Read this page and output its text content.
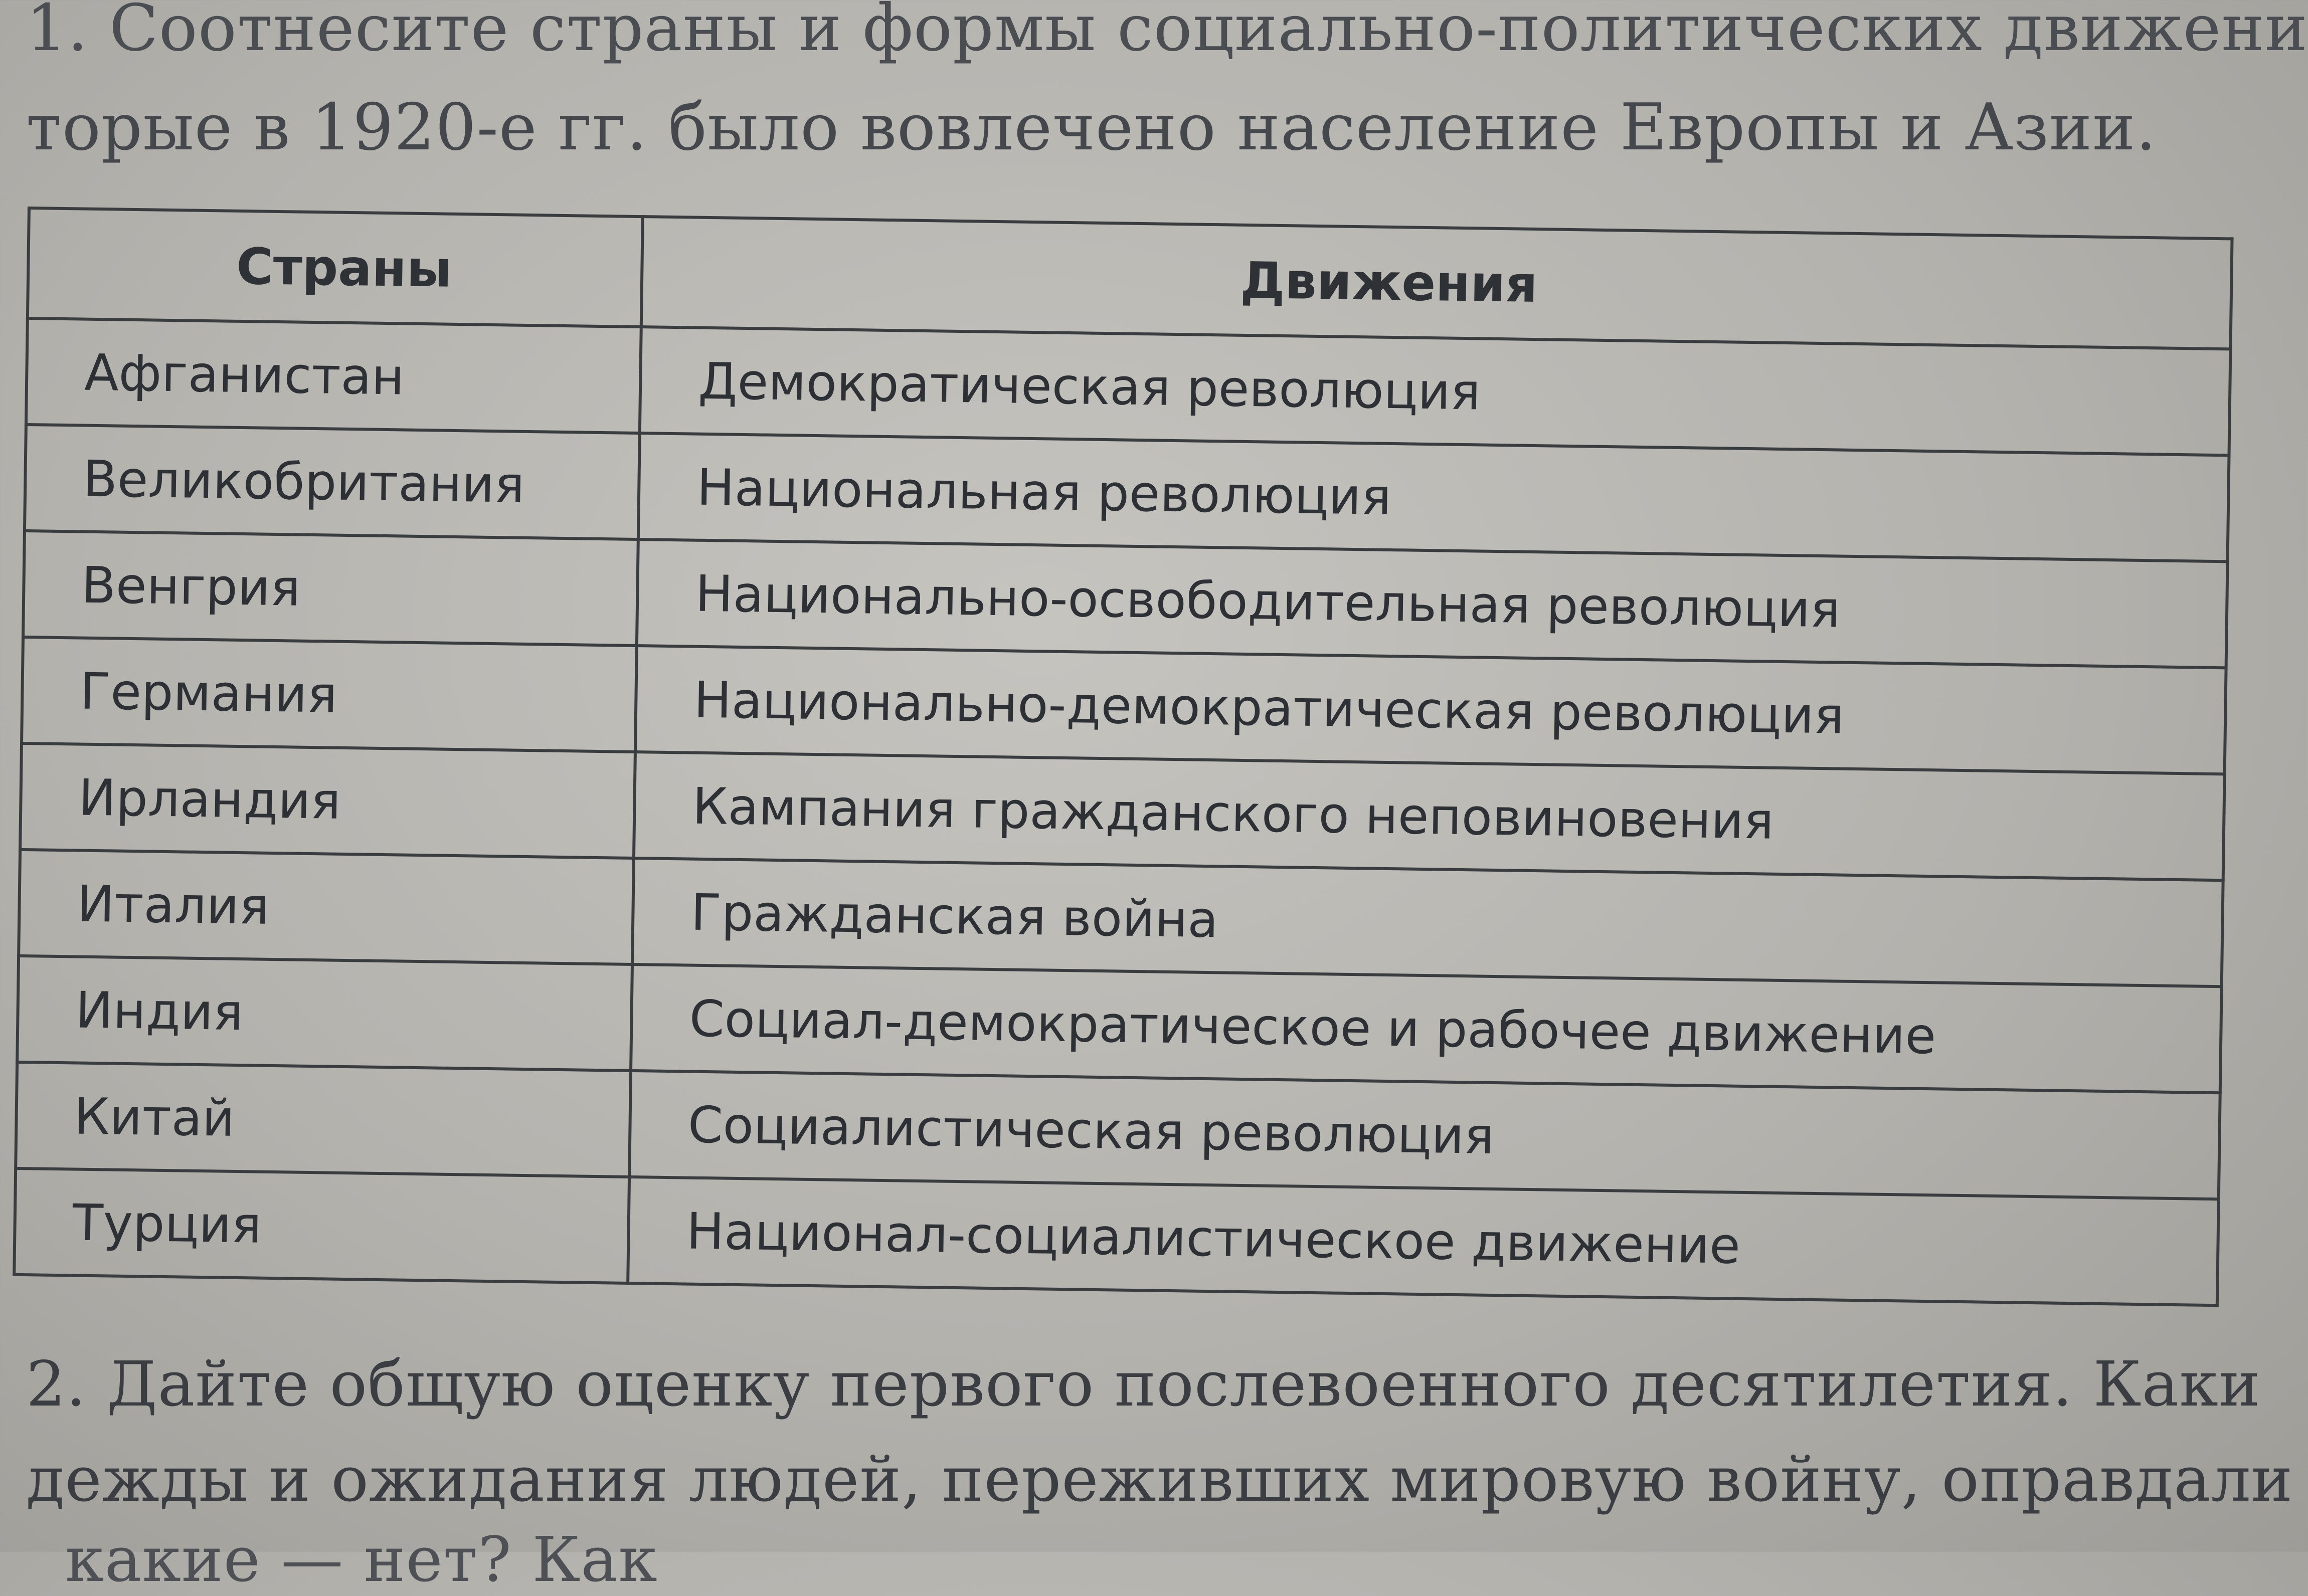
1. Соотнесите страны и формы социально-политических движени
торые в 1920-е гг. было вовлечено население Европы и Азии.
Страны	Движения
Афганистан	Демократическая революция
Великобритания	Национальная революция
Венгрия	Национально-освободительная революция
Германия	Национально-демократическая революция
Ирландия	Кампания гражданского неповиновения
Италия	Гражданская война
Индия	Социал-демократическое и рабочее движение
Китай	Социалистическая революция
Турция	Национал-социалистическое движение
2. Дайте общую оценку первого послевоенного десятилетия. Каки
дежды и ожидания людей, переживших мировую войну, оправдали
какие — нет? Как
